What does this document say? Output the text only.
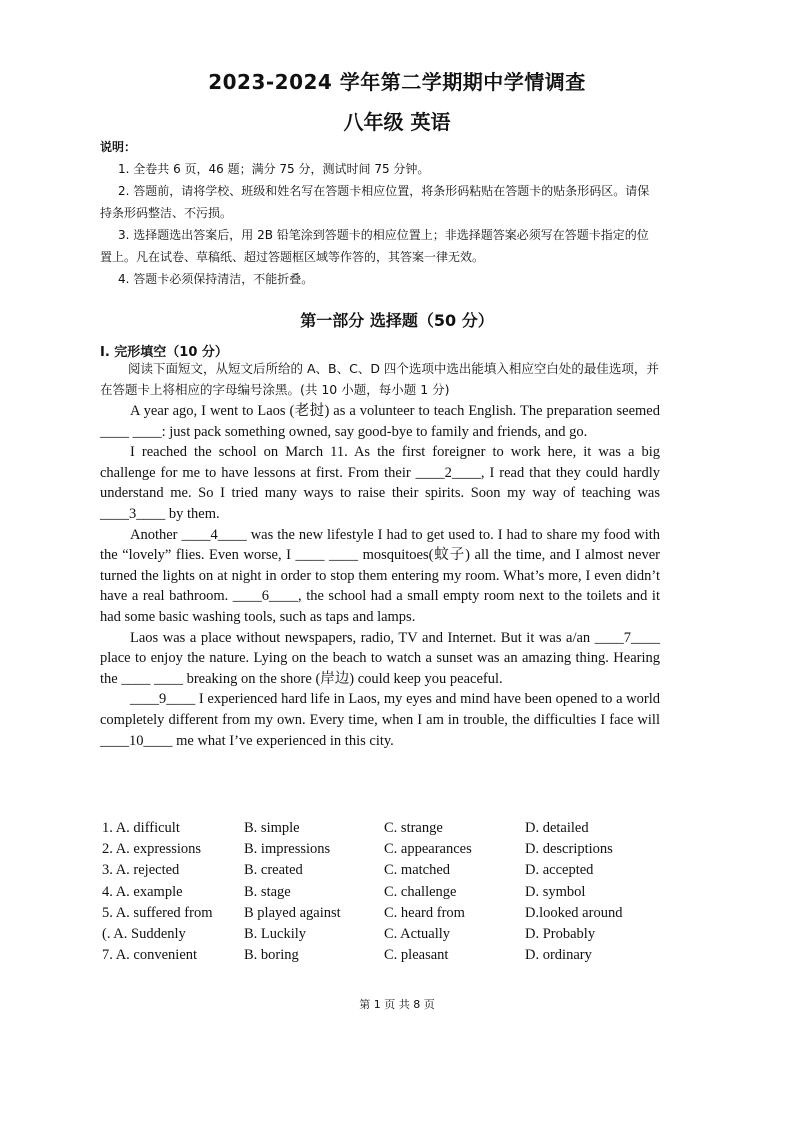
2023-2024 学年第二学期期中学情调查
八年级 英语
说明：
1. 全卷共 6 页，46 题；满分 75 分，测试时间 75 分钟。
2. 答题前，请将学校、班级和姓名写在答题卡相应位置，将条形码粘贴在答题卡的贴条形码区。请保持条形码整洁、不污损。
3. 选择题选出答案后，用 2B 铅笔涂到答题卡的相应位置上；非选择题答案必须写在答题卡指定的位置上。凡在试卷、草稿纸、超过答题框区域等作答的，其答案一律无效。
4. 答题卡必须保持清洁，不能折叠。
第一部分 选择题（50 分）
I. 完形填空（10 分）
阅读下面短文，从短文后所给的 A、B、C、D 四个选项中选出能填入相应空白处的最佳选项，并在答题卡上将相应的字母编号涂黑。(共 10 小题，每小题 1 分)

A year ago, I went to Laos (老挝) as a volunteer to teach English. The preparation seemed ____ ____: just pack something owned, say good-bye to family and friends, and go.

I reached the school on March 11. As the first foreigner to work here, it was a big challenge for me to have lessons at first. From their ____2____, I read that they could hardly understand me. So I tried many ways to raise their spirits. Soon my way of teaching was ____3____ by them.

Another ____4____ was the new lifestyle I had to get used to. I had to share my food with the “lovely” flies. Even worse, I ____ ____ mosquitoes(蚊子) all the time, and I almost never turned the lights on at night in order to stop them entering my room. What’s more, I even didn’t have a real bathroom. ____6____, the school had a small empty room next to the toilets and it had some basic washing tools, such as taps and lamps.

Laos was a place without newspapers, radio, TV and Internet. But it was a/an ____7____ place to enjoy the nature. Lying on the beach to watch a sunset was an amazing thing. Hearing the ____ ____ breaking on the shore (岸边) could keep you peaceful.

____9____ I experienced hard life in Laos, my eyes and mind have been opened to a world completely different from my own. Every time, when I am in trouble, the difficulties I face will ____10____ me what I’ve experienced in this city.

1. A. difficult	B. simple	C. strange	D. detailed
2. A. expressions	B. impressions	C. appearances	D. descriptions
3. A. rejected	B. created	C. matched	D. accepted
4. A. example	B. stage	C. challenge	D. symbol
5. A. suffered from	B played against	C. heard from	D.looked around
(. A. Suddenly	B. Luckily	C. Actually	D. Probably
7. A. convenient	B. boring	C. pleasant	D. ordinary
第 1 页 共 8 页
